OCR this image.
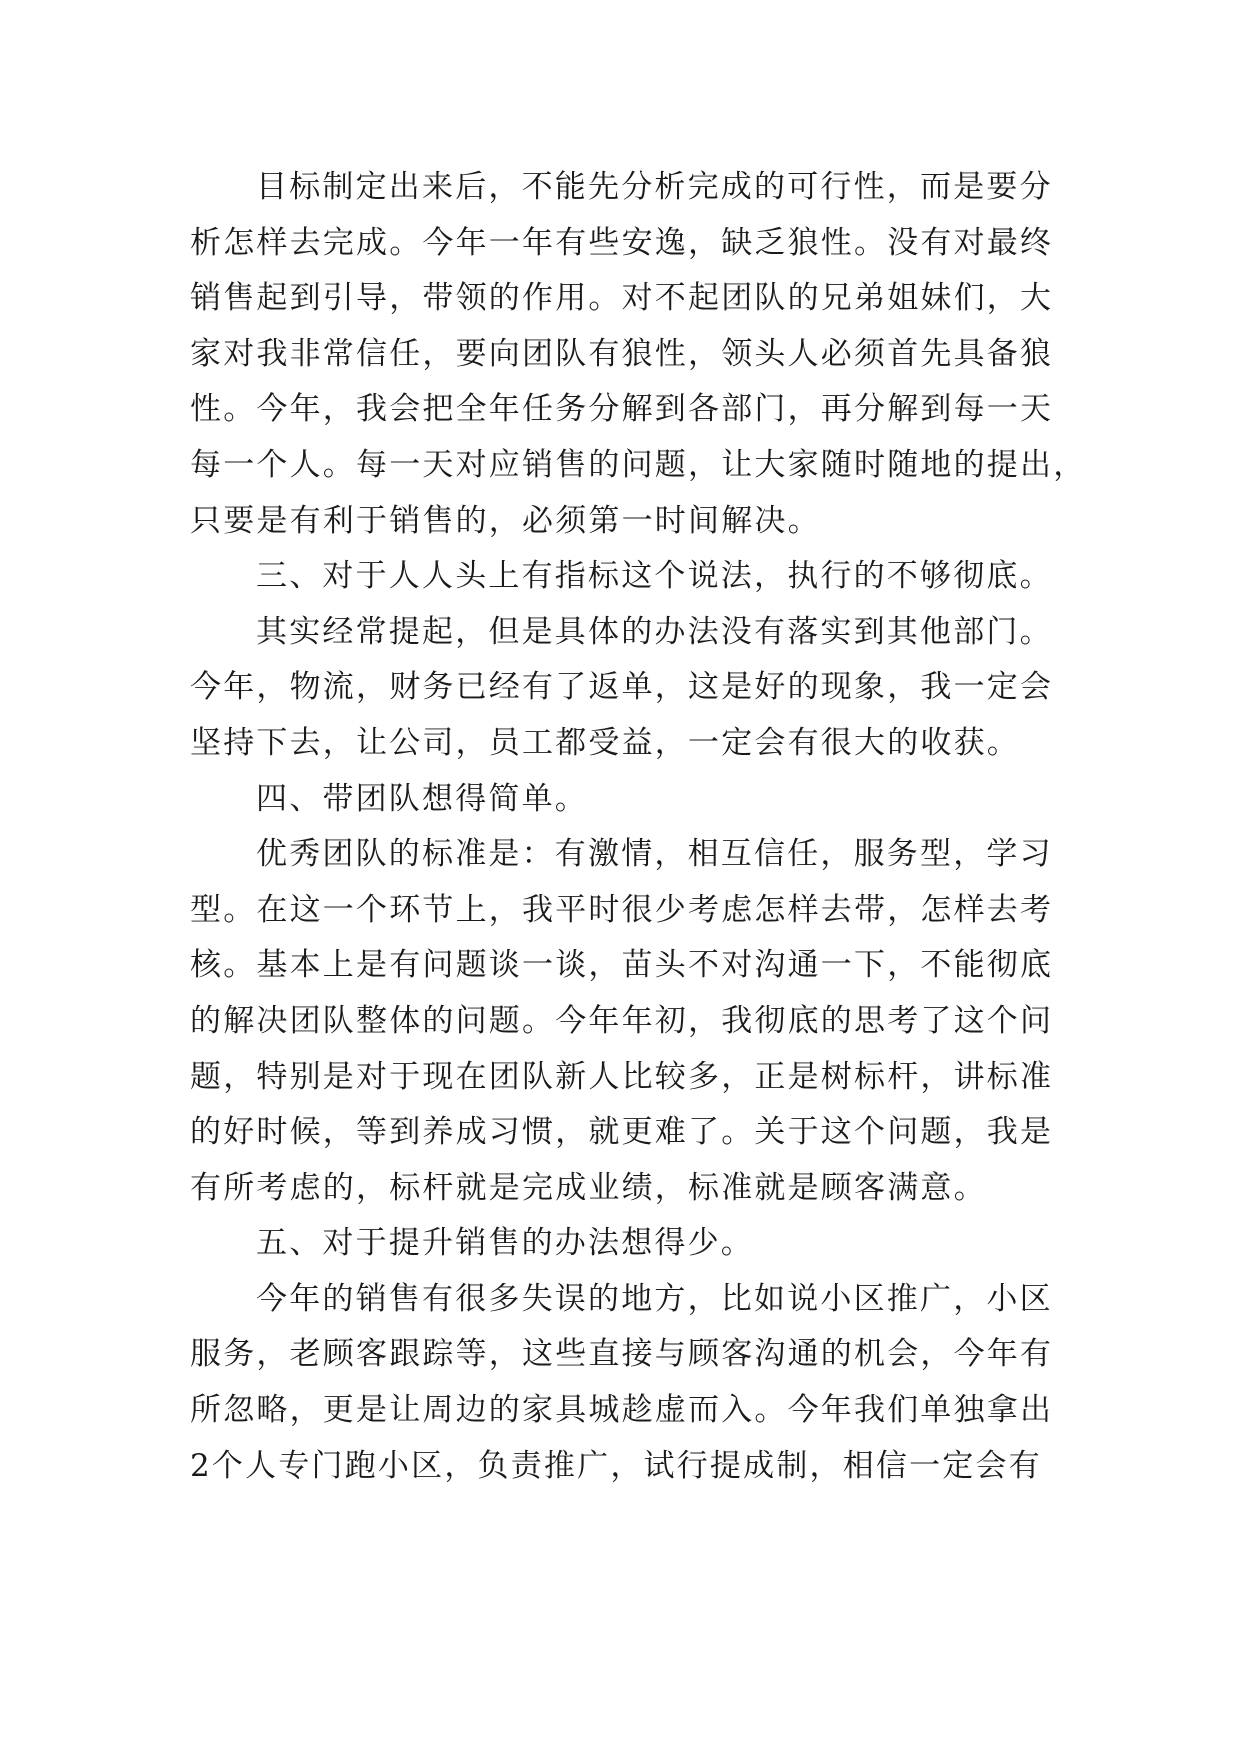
目标制定出来后，不能先分析完成的可行性，而是要分
析怎样去完成。今年一年有些安逸，缺乏狼性。没有对最终
销售起到引导，带领的作用。对不起团队的兄弟姐妹们，大
家对我非常信任，要向团队有狼性，领头人必须首先具备狼
性。今年，我会把全年任务分解到各部门，再分解到每一天
每一个人。每一天对应销售的问题，让大家随时随地的提出，
只要是有利于销售的，必须第一时间解决。
三、对于人人头上有指标这个说法，执行的不够彻底。
其实经常提起，但是具体的办法没有落实到其他部门。
今年，物流，财务已经有了返单，这是好的现象，我一定会
坚持下去，让公司，员工都受益，一定会有很大的收获。
四、带团队想得简单。
优秀团队的标准是：有激情，相互信任，服务型，学习
型。在这一个环节上，我平时很少考虑怎样去带，怎样去考
核。基本上是有问题谈一谈，苗头不对沟通一下，不能彻底
的解决团队整体的问题。今年年初，我彻底的思考了这个问
题，特别是对于现在团队新人比较多，正是树标杆，讲标准
的好时候，等到养成习惯，就更难了。关于这个问题，我是
有所考虑的，标杆就是完成业绩，标准就是顾客满意。
五、对于提升销售的办法想得少。
今年的销售有很多失误的地方，比如说小区推广，小区
服务，老顾客跟踪等，这些直接与顾客沟通的机会，今年有
所忽略，更是让周边的家具城趁虚而入。今年我们单独拿出
2个人专门跑小区，负责推广，试行提成制，相信一定会有
